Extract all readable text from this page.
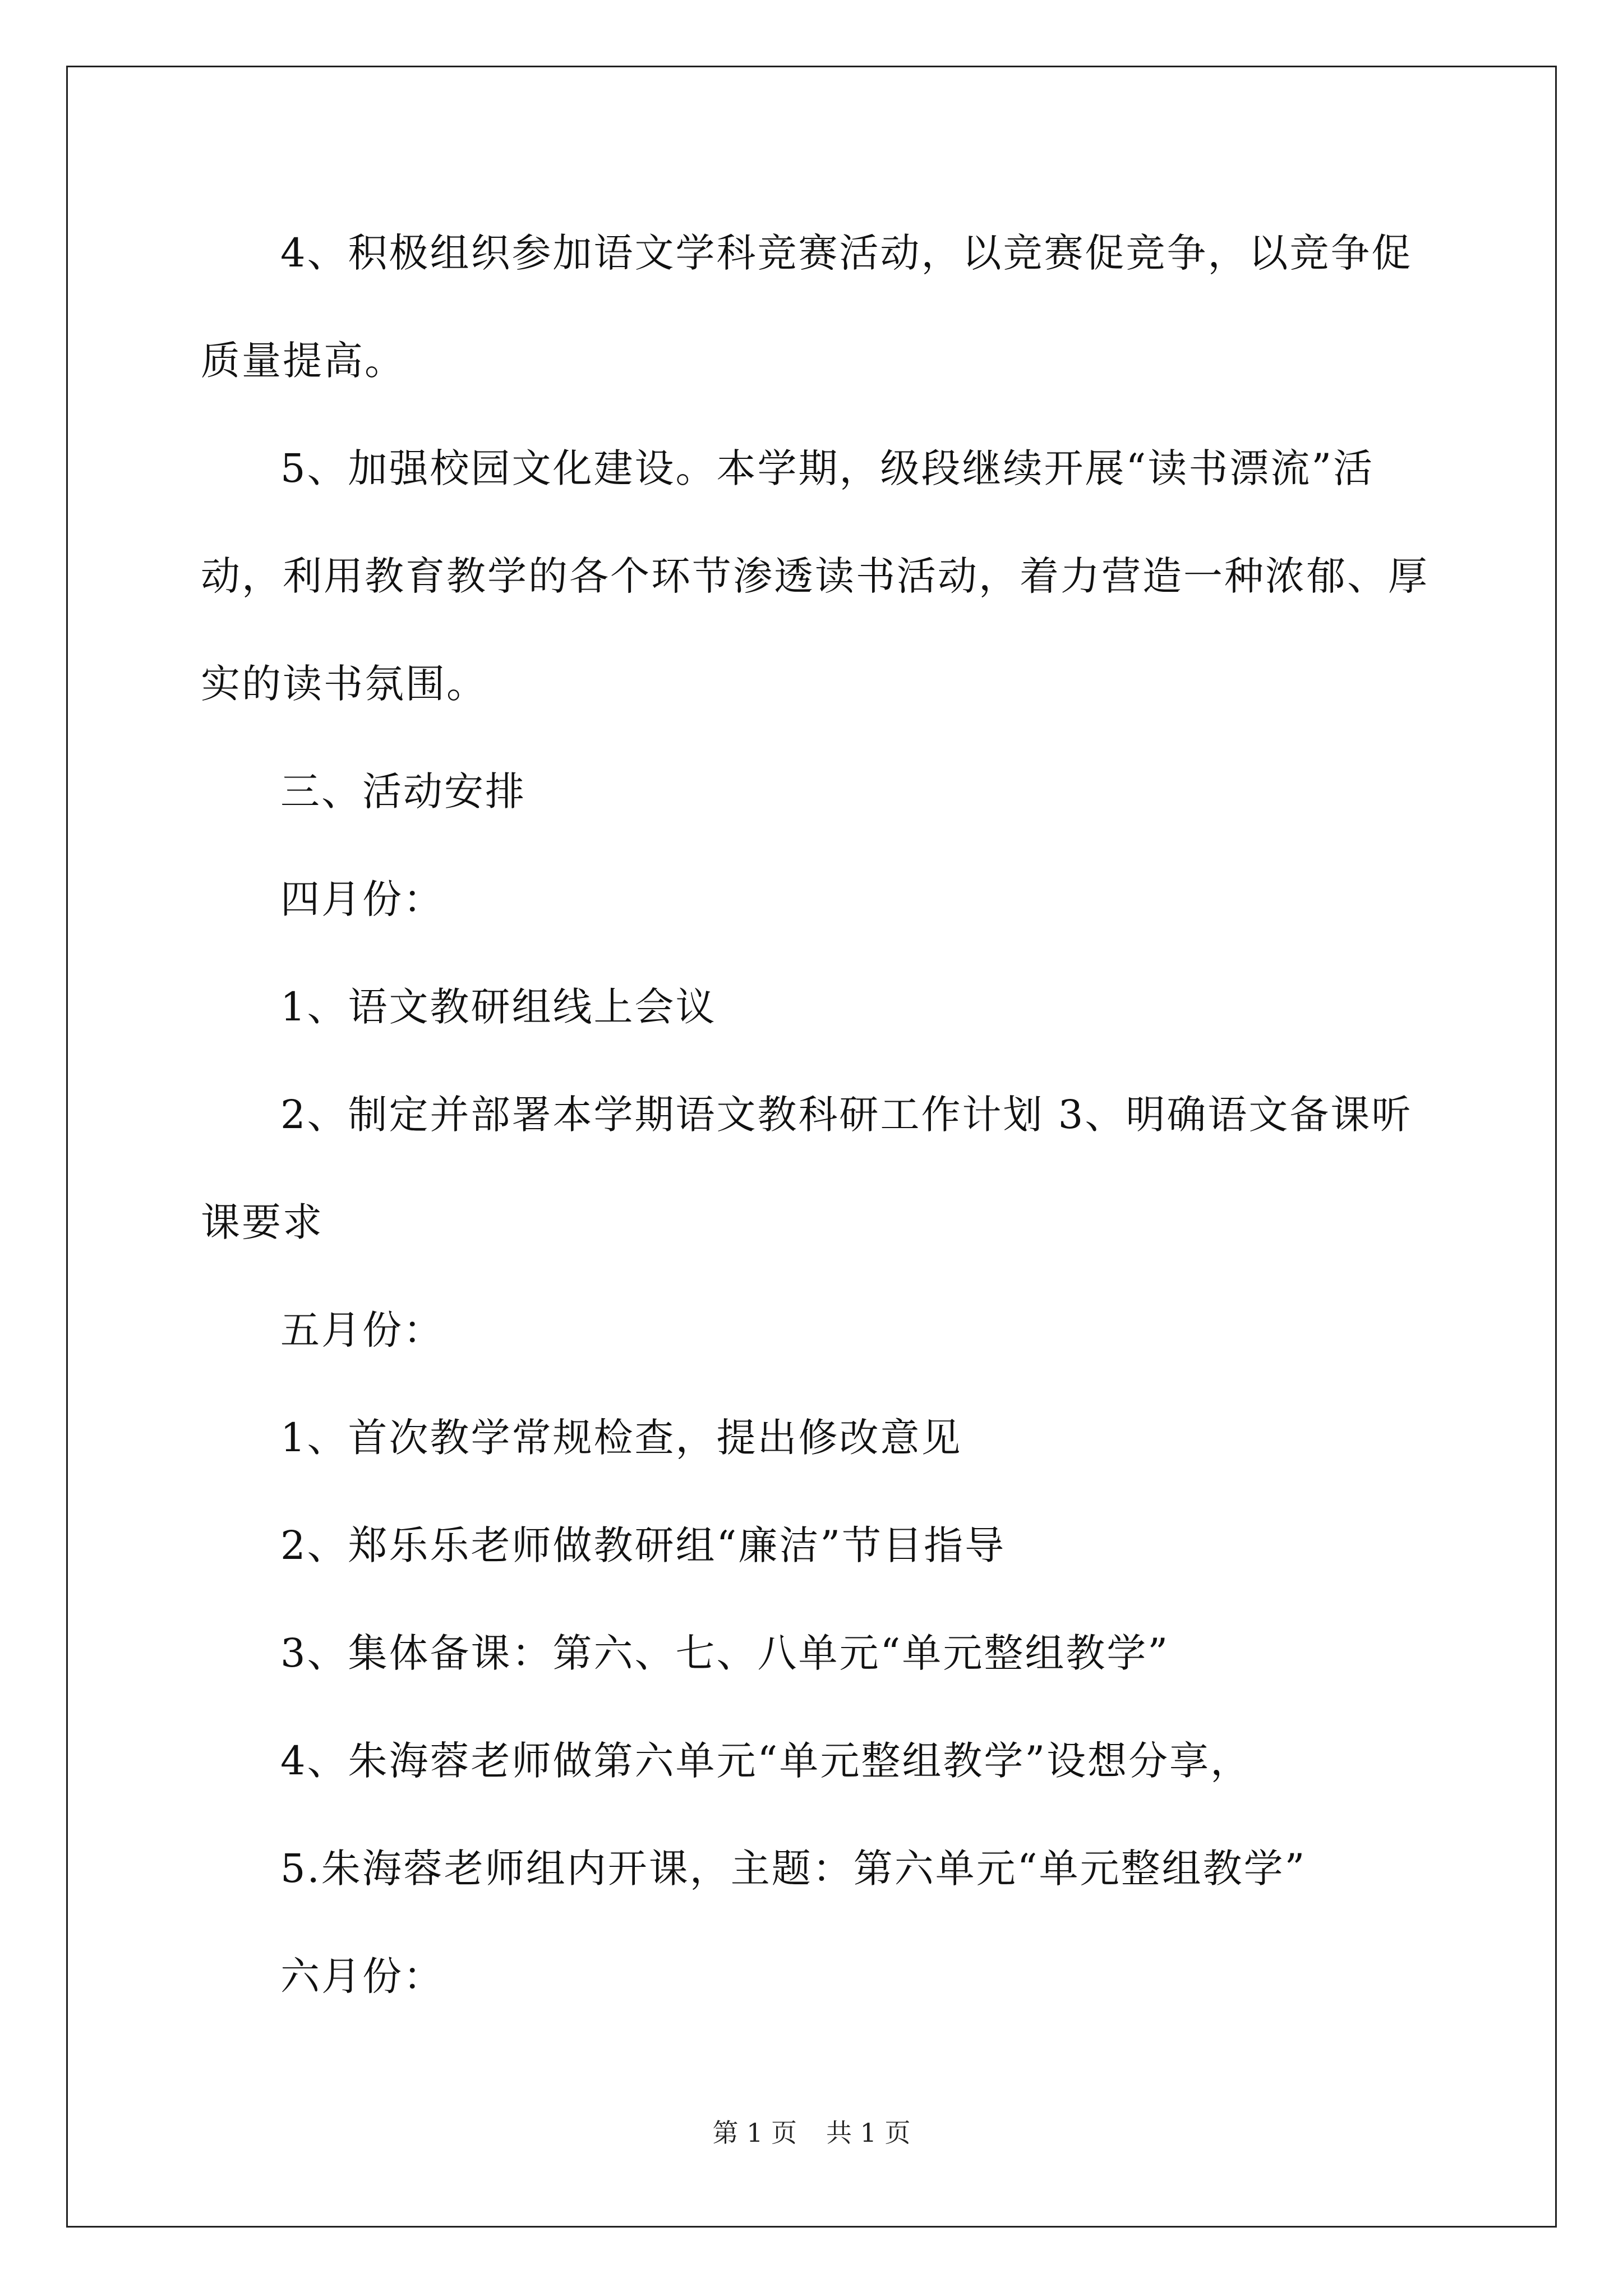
4、积极组织参加语文学科竞赛活动，以竞赛促竞争，以竞争促质量提高。

5、加强校园文化建设。本学期，级段继续开展“读书漂流”活动，利用教育教学的各个环节渗透读书活动，着力营造一种浓郁、厚实的读书氛围。

三、活动安排

四月份：

1、语文教研组线上会议

2、制定并部署本学期语文教科研工作计划 3、明确语文备课听课要求

五月份：

1、首次教学常规检查，提出修改意见

2、郑乐乐老师做教研组“廉洁”节目指导

3、集体备课：第六、七、八单元“单元整组教学”

4、朱海蓉老师做第六单元“单元整组教学”设想分享，

5.朱海蓉老师组内开课，主题：第六单元“单元整组教学”

六月份：

第 1 页 共 1 页
